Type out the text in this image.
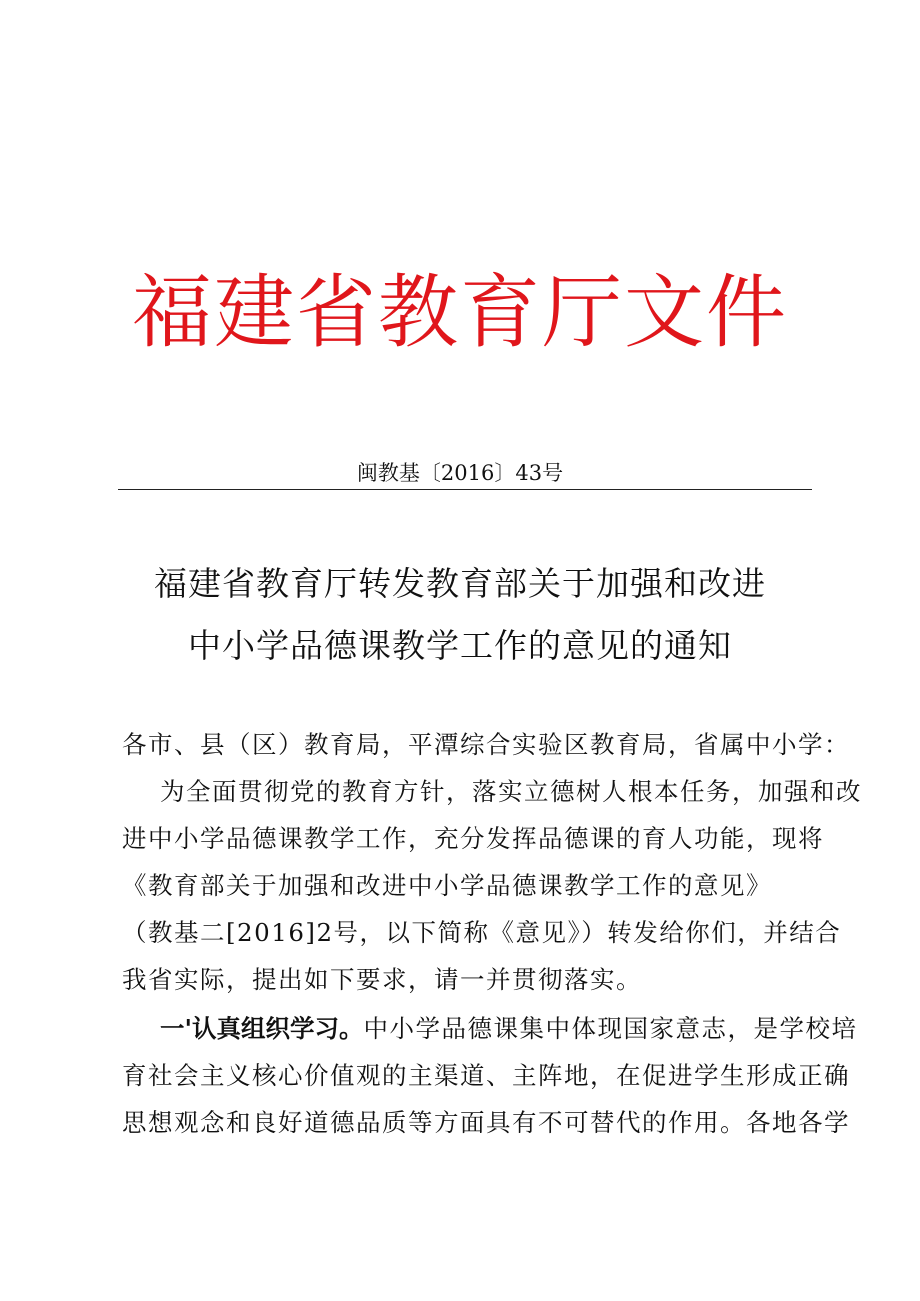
福建省教育厅文件
闽教基〔2016〕43号
福建省教育厅转发教育部关于加强和改进
中小学品德课教学工作的意见的通知
各市、县（区）教育局，平潭综合实验区教育局，省属中小学：
为全面贯彻党的教育方针，落实立德树人根本任务，加强和改
进中小学品德课教学工作，充分发挥品德课的育人功能，现将
《教育部关于加强和改进中小学品德课教学工作的意见》
（教基二[2016]2号，以下简称《意见》）转发给你们，并结合
我省实际，提出如下要求，请一并贯彻落实。
一'认真组织学习。中小学品德课集中体现国家意志，是学校培
育社会主义核心价值观的主渠道、主阵地，在促进学生形成正确
思想观念和良好道德品质等方面具有不可替代的作用。各地各学
